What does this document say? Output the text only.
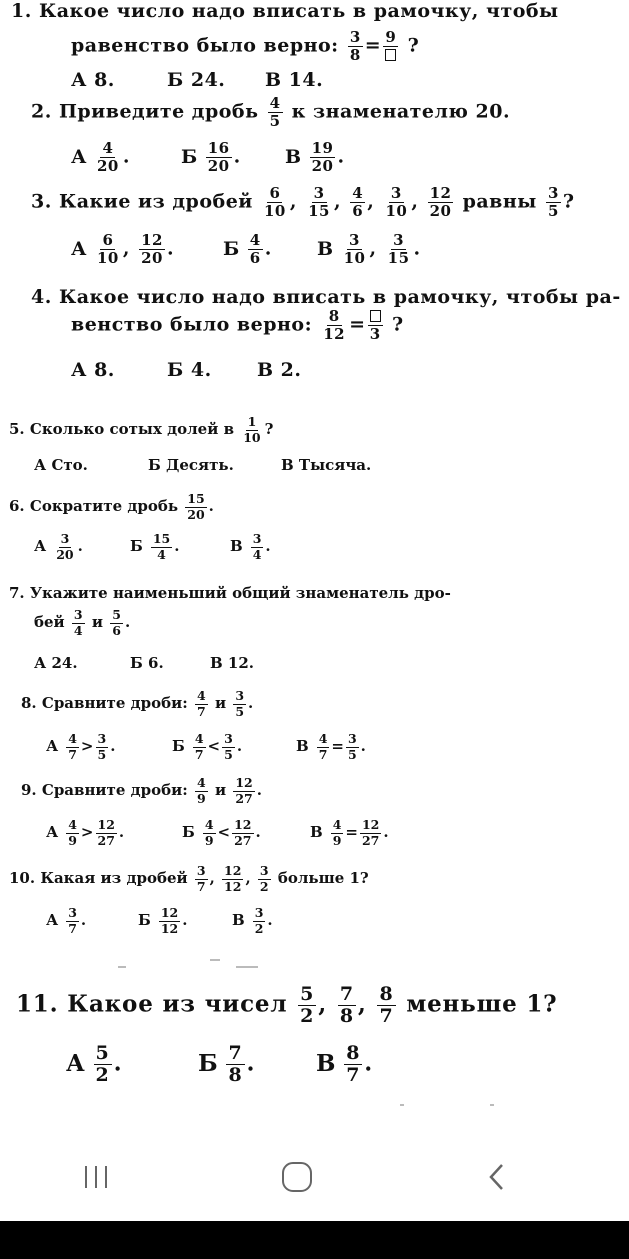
1. Какое число надо вписать в рамочку, чтобы
равенство было верно: $\frac{3}{8} = 9$ ?
А 8.	Б 24. В 14.
2. Приведите дробь $\frac{4}{5}$ к знаменателю 20.
А $\frac{4}{20}$ .	Б $\frac{16}{20}$ . В $\frac{19}{20}$ .
3. Какие из дробей $\frac{6}{10}$ , $\frac{3}{15}$ , $\frac{4}{6}$ , $\frac{3}{10}$ , $\frac{12}{20}$ равны $\frac{3}{5}$ ?
А $\frac{6}{10}$ , $\frac{12}{20}$ .	Б $\frac{4}{6}$ . В $\frac{3}{10}$ , $\frac{3}{15}$ .
4. Какое число надо вписать в рамочку, чтобы ра-
венство было верно: $\frac{8}{12} = 3$ ?
А 8.	Б 4. В 2.
5. Сколько сотых долей в $\frac{1}{10}$ ?
А Сто.	Б Десять.	В Тысяча.
6. Сократите дробь $\frac{15}{20}$ .
А $\frac{3}{20}$ .	Б $\frac{15}{4}$ .	В $\frac{3}{4}$ .
7. Укажите наименьший общий знаменатель дро-
бей $\frac{3}{4}$ и $\frac{5}{6}$ .
А 24.	Б 6.	В 12.
8. Сравните дроби: $\frac{4}{7}$ и $\frac{3}{5}$ .
А $\frac{4}{7} > \frac{3}{5}$ .	Б $\frac{4}{7} < \frac{3}{5}$ .	В $\frac{4}{7} = \frac{3}{5}$ .
9. Сравните дроби: $\frac{4}{9}$ и $\frac{12}{27}$ .
А $\frac{4}{9} > \frac{12}{27}$ .	Б $\frac{4}{9} < \frac{12}{27}$ .	В $\frac{4}{9} = \frac{12}{27}$ .
10. Какая из дробей $\frac{3}{7}$ , $\frac{12}{12}$ , $\frac{3}{2}$ больше 1?
А $\frac{3}{7}$ .	Б $\frac{12}{12}$ .	В $\frac{3}{2}$ .
11. Какое из чисел $\frac{5}{2}$ , $\frac{7}{8}$ , $\frac{8}{7}$ меньше 1?
А $\frac{5}{2}$ .	Б $\frac{7}{8}$ .	В $\frac{8}{7}$ .
